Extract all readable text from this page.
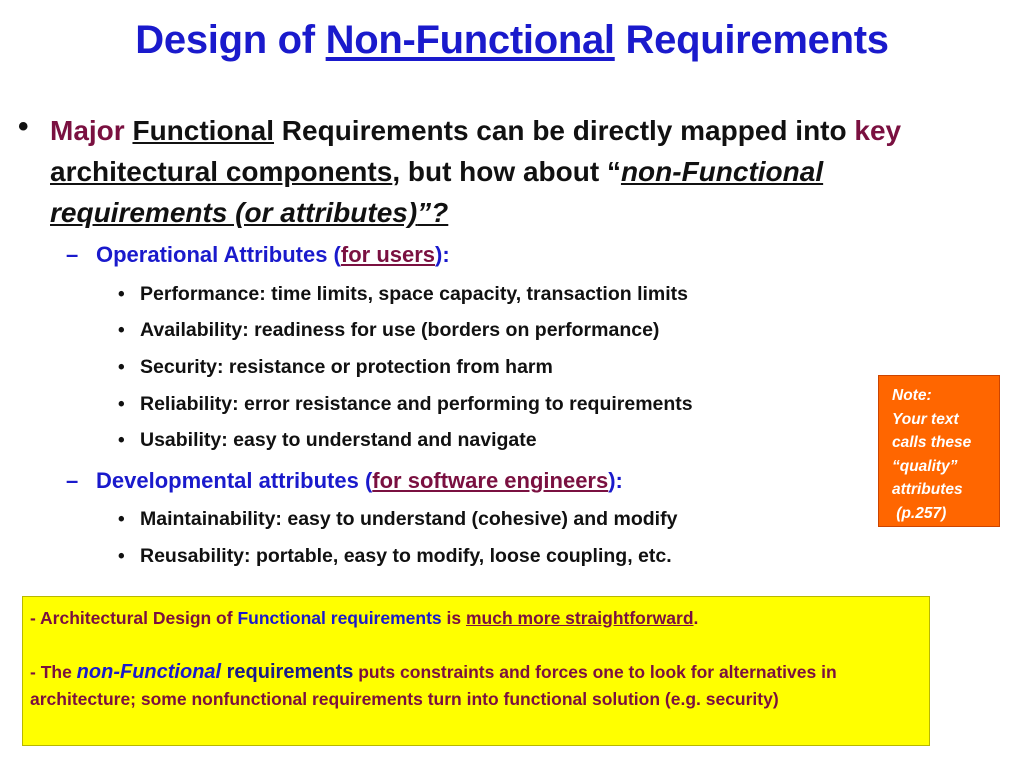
Design of Non-Functional Requirements
• Major Functional Requirements can be directly mapped into key architectural components, but how about “non-Functional requirements (or attributes)”?
– Operational Attributes (for users):
• Performance: time limits, space capacity, transaction limits
• Availability: readiness for use (borders on performance)
• Security: resistance or protection from harm
• Reliability: error resistance and performing to requirements
• Usability: easy to understand and navigate
– Developmental attributes (for software engineers):
• Maintainability: easy to understand (cohesive) and modify
• Reusability: portable, easy to modify, loose coupling, etc.
Note:
Your text
calls these
“quality”
attributes
(p.257)
- Architectural Design of Functional requirements is much more straightforward.
- The non-Functional requirements puts constraints and forces one to look for alternatives in architecture; some nonfunctional requirements turn into functional solution (e.g. security)
